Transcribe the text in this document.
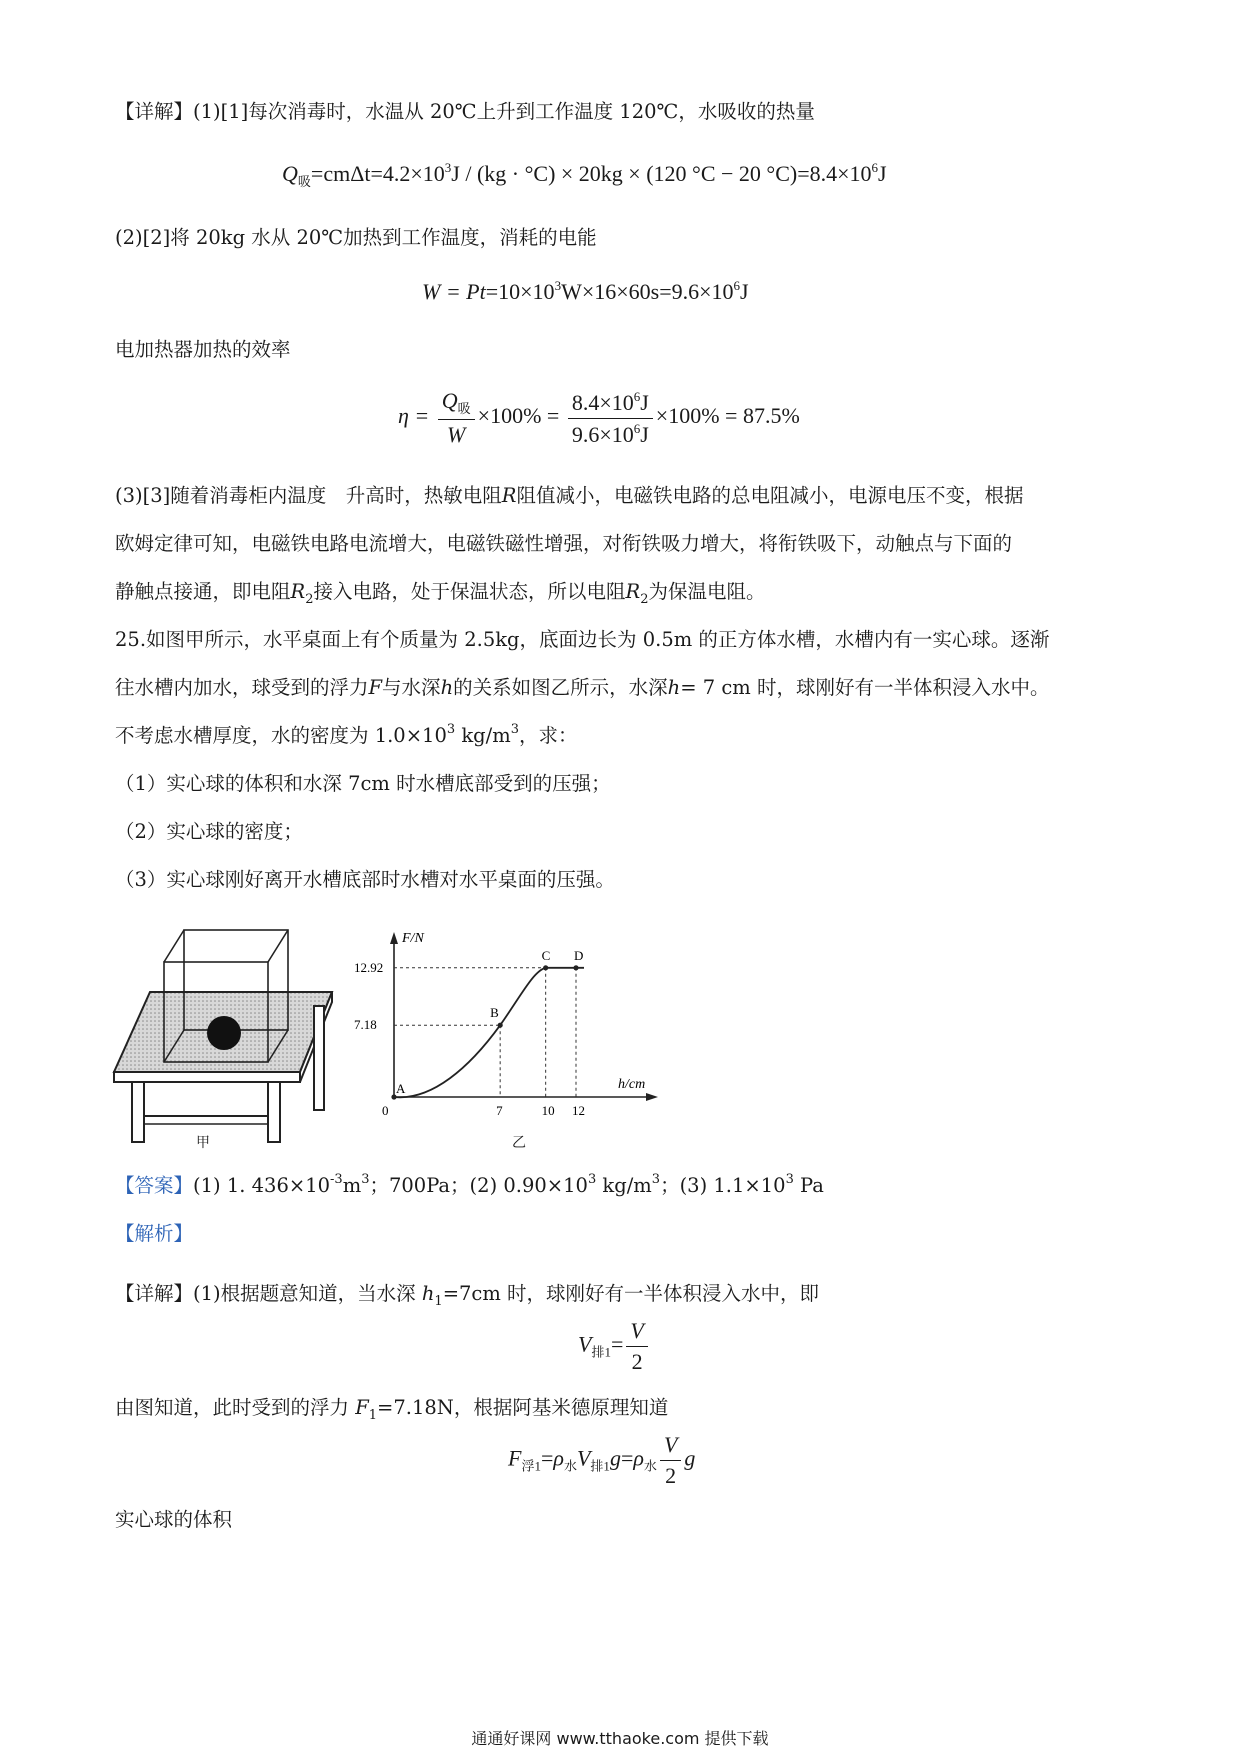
【详解】(1)[1]每次消毒时，水温从 20℃上升到工作温度 120℃，水吸收的热量
$Q_吸=cm\Delta t=4.2\times 10^3J / (kg \cdot ^\circ C) \times 20kg \times (120$ °C − 20 $^\circ C)=8.4\times 10^6J$
(2)[2]将 20kg 水从 20℃加热到工作温度，消耗的电能
$W = Pt=10\times 10^3W\times 16\times 60s=9.6\times 10^6J$
电加热器加热的效率
$\eta = \frac{Q_吸}{W} \times 100\% = \frac{8.4\times 10^6J}{9.6\times 10^6J} \times 100\% = 87.5\%$
(3)[3]随着消毒柜内温度　升高时，热敏电阻R阻值减小，电磁铁电路的总电阻减小，电源电压不变，根据
欧姆定律可知，电磁铁电路电流增大，电磁铁磁性增强，对衔铁吸力增大，将衔铁吸下，动触点与下面的
静触点接通，即电阻$R_2$接入电路，处于保温状态，所以电阻$R_2$为保温电阻。
25.如图甲所示，水平桌面上有个质量为 2.5kg，底面边长为 0.5m 的正方体水槽，水槽内有一实心球。逐渐
往水槽内加水，球受到的浮力F与水深h的关系如图乙所示，水深h= 7 cm 时，球刚好有一半体积浸入水中。
不考虑水槽厚度，水的密度为 $1.0\times 10^3$ $kg/m^3$，求：
（1）实心球的体积和水深 7cm 时水槽底部受到的压强；
（2）实心球的密度；
（3）实心球刚好离开水槽底部时水槽对水平桌面的压强。
甲
F/N
h/cm
A
B
C D
0	7	10 12
7.18
12.92
乙
【答案】(1) 1. $436\times 10^{-3}m^3$；700Pa；(2) $0.90\times 10^3$ $kg/m^3$；(3) $1.1\times 10^3$ Pa
【解析】
【详解】(1)根据题意知道，当水深 $h_1=7cm$ 时，球刚好有一半体积浸入水中，即
$V_{排1}= \frac{V}{2}$
由图知道，此时受到的浮力 $F_1=7.18N$，根据阿基米德原理知道
$F_{浮1}=\rho_水V_{排1}g=\rho_水 \frac{V}{2}$ g
实心球的体积
通通好课网 www.tthaoke.com 提供下载
